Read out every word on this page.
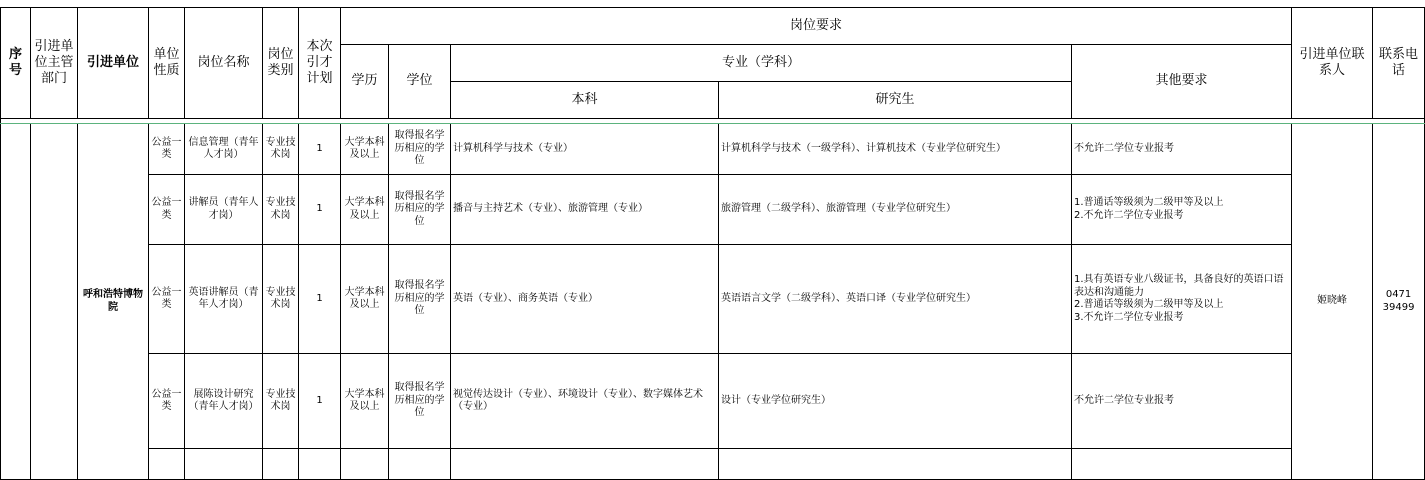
序号	引进单位主管部门	引进单位	单位性质	岗位名称	岗位类别	本次引才计划	岗位要求					引进单位联系人	联系电话
							学历	学位	专业（学科）		其他要求		
									本科	研究生			

		呼和浩特博物院	公益一类	信息管理（青年人才岗）	专业技术岗	1	大学本科及以上	取得报名学历相应的学位	计算机科学与技术（专业）	计算机科学与技术（一级学科）、计算机技术（专业学位研究生）	不允许二学位专业报考	姬晓峰	0471 39499
			公益一类	讲解员（青年人才岗）	专业技术岗	1	大学本科及以上	取得报名学历相应的学位	播音与主持艺术（专业）、旅游管理（专业）	旅游管理（二级学科）、旅游管理（专业学位研究生）	1.普通话等级须为二级甲等及以上
2.不允许二学位专业报考		
			公益一类	英语讲解员（青年人才岗）	专业技术岗	1	大学本科及以上	取得报名学历相应的学位	英语（专业）、商务英语（专业）	英语语言文学（二级学科）、英语口译（专业学位研究生）	1.具有英语专业八级证书，具备良好的英语口语表达和沟通能力
2.普通话等级须为二级甲等及以上
3.不允许二学位专业报考		
			公益一类	展陈设计研究（青年人才岗）	专业技术岗	1	大学本科及以上	取得报名学历相应的学位	视觉传达设计（专业）、环境设计（专业）、数字媒体艺术（专业）	设计（专业学位研究生）	不允许二学位专业报考		
